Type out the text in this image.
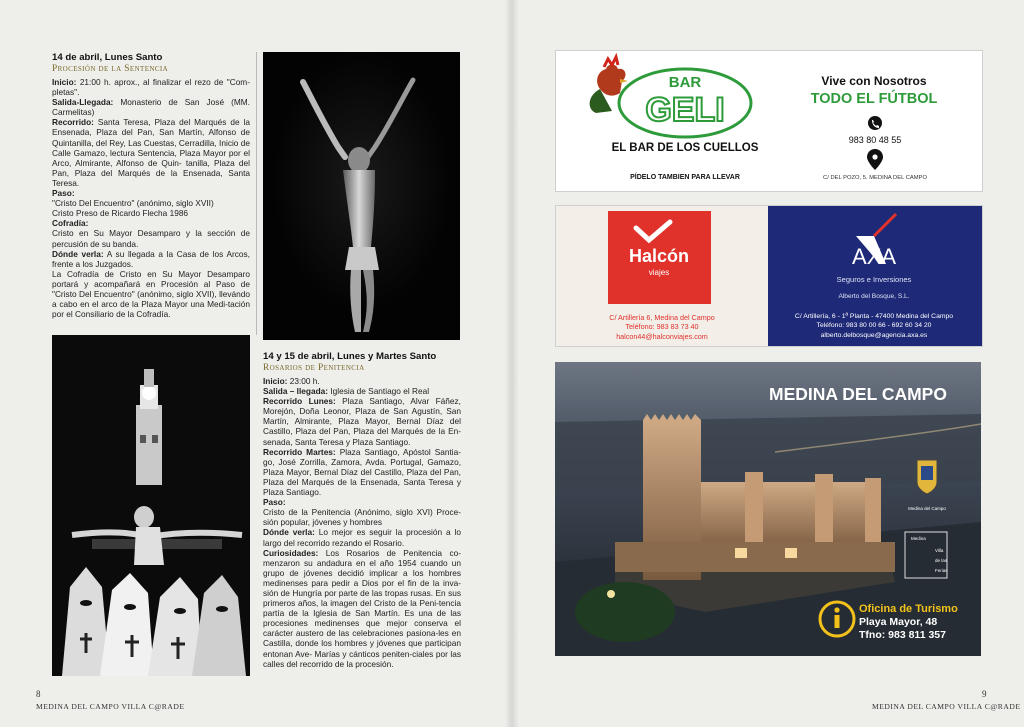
14 de abril, Lunes Santo
Procesión de la Sentencia

Inicio: 21:00 h. aprox., al finalizar el rezo de "Com-pletas".

Salida-Llegada: Monasterio de San José (MM. Carmelitas)

Recorrido: Santa Teresa, Plaza del Marqués de la Ensenada, Plaza del Pan, San Martín, Alfonso de Quintanilla, del Rey, Las Cuestas, Cerradilla, Inicio de Calle Gamazo, lectura Sentencia, Plaza Mayor por el Arco, Almirante, Alfonso de Quin- tanilla, Plaza del Pan, Plaza del Marqués de la Ensenada, Santa Teresa.

Paso:

"Cristo Del Encuentro" (anónimo, siglo XVII)

Cristo Preso de Ricardo Flecha 1986

Cofradía:

Cristo en Su Mayor Desamparo y la sección de percusión de su banda.

Dónde verla: A su llegada a la Casa de los Arcos, frente a los Juzgados.

La Cofradía de Cristo en Su Mayor Desamparo portará y acompañará en Procesión al Paso de "Cristo Del Encuentro" (anónimo, siglo XVII), llevándo a cabo en el arco de la Plaza Mayor una Medi-tación por el Consiliario de la Cofradía.

14 y 15 de abril, Lunes y Martes Santo
Rosarios de Penitencia

Inicio: 23:00 h.

Salida – llegada: Iglesia de Santiago el Real

Recorrido Lunes: Plaza Santiago, Alvar Fáñez, Morejón, Doña Leonor, Plaza de San Agustín, San Martín, Almirante, Plaza Mayor, Bernal Díaz del Castillo, Plaza del Pan, Plaza del Marqués de la En-senada, Santa Teresa y Plaza Santiago.

Recorrido Martes: Plaza Santiago, Apóstol Santia-go, José Zorrilla, Zamora, Avda. Portugal, Gamazo, Plaza Mayor, Bernal Díaz del Castillo, Plaza del Pan, Plaza del Marqués de la Ensenada, Santa Teresa y Plaza Santiago.

Paso:

Cristo de la Penitencia (Anónimo, siglo XVI) Proce-sión popular, jóvenes y hombres

Dónde verla: Lo mejor es seguir la procesión a lo largo del recorrido rezando el Rosario.

Curiosidades: Los Rosarios de Penitencia co-menzaron su andadura en el año 1954 cuando un grupo de jóvenes decidió implicar a los hombres medinenses para pedir a Dios por el fin de la inva-sión de Hungría por parte de las tropas rusas. En sus primeros años, la imagen del Cristo de la Peni-tencia partía de la Iglesia de San Martín. Es una de las procesiones medinenses que mejor conserva el carácter austero de las celebraciones pasiona-les en Castilla, donde los hombres y jóvenes que participan entonan Ave- Marías y cánticos peniten-ciales por las calles del recorrido de la procesión.

8
MEDINA DEL CAMPO VILLA C@RADE
BAR
GELI
EL BAR DE LOS CUELLOS
PÍDELO TAMBIEN PARA LLEVAR
Vive con Nosotros
TODO EL FÚTBOL
983 80 48 55
C/ DEL POZO, 5. MEDINA DEL CAMPO
Halcón
viajes
C/ Artillería 6, Medina del Campo
Teléfono: 983 83 73 40
halcon44@halconviajes.com
AXA
Seguros e Inversiones
Alberto del Bosque, S.L.
C/ Artillería, 6 - 1ª Planta - 47400 Medina del Campo
Teléfono: 983 80 00 66 - 692 60 34 20
alberto.delbosque@agencia.axa.es
MEDINA DEL CAMPO
Medina del Campo
Medina
Villa
de las
Ferias
Oficina de Turismo
Playa Mayor, 48
Tfno: 983 811 357
9
MEDINA DEL CAMPO VILLA C@RADE
